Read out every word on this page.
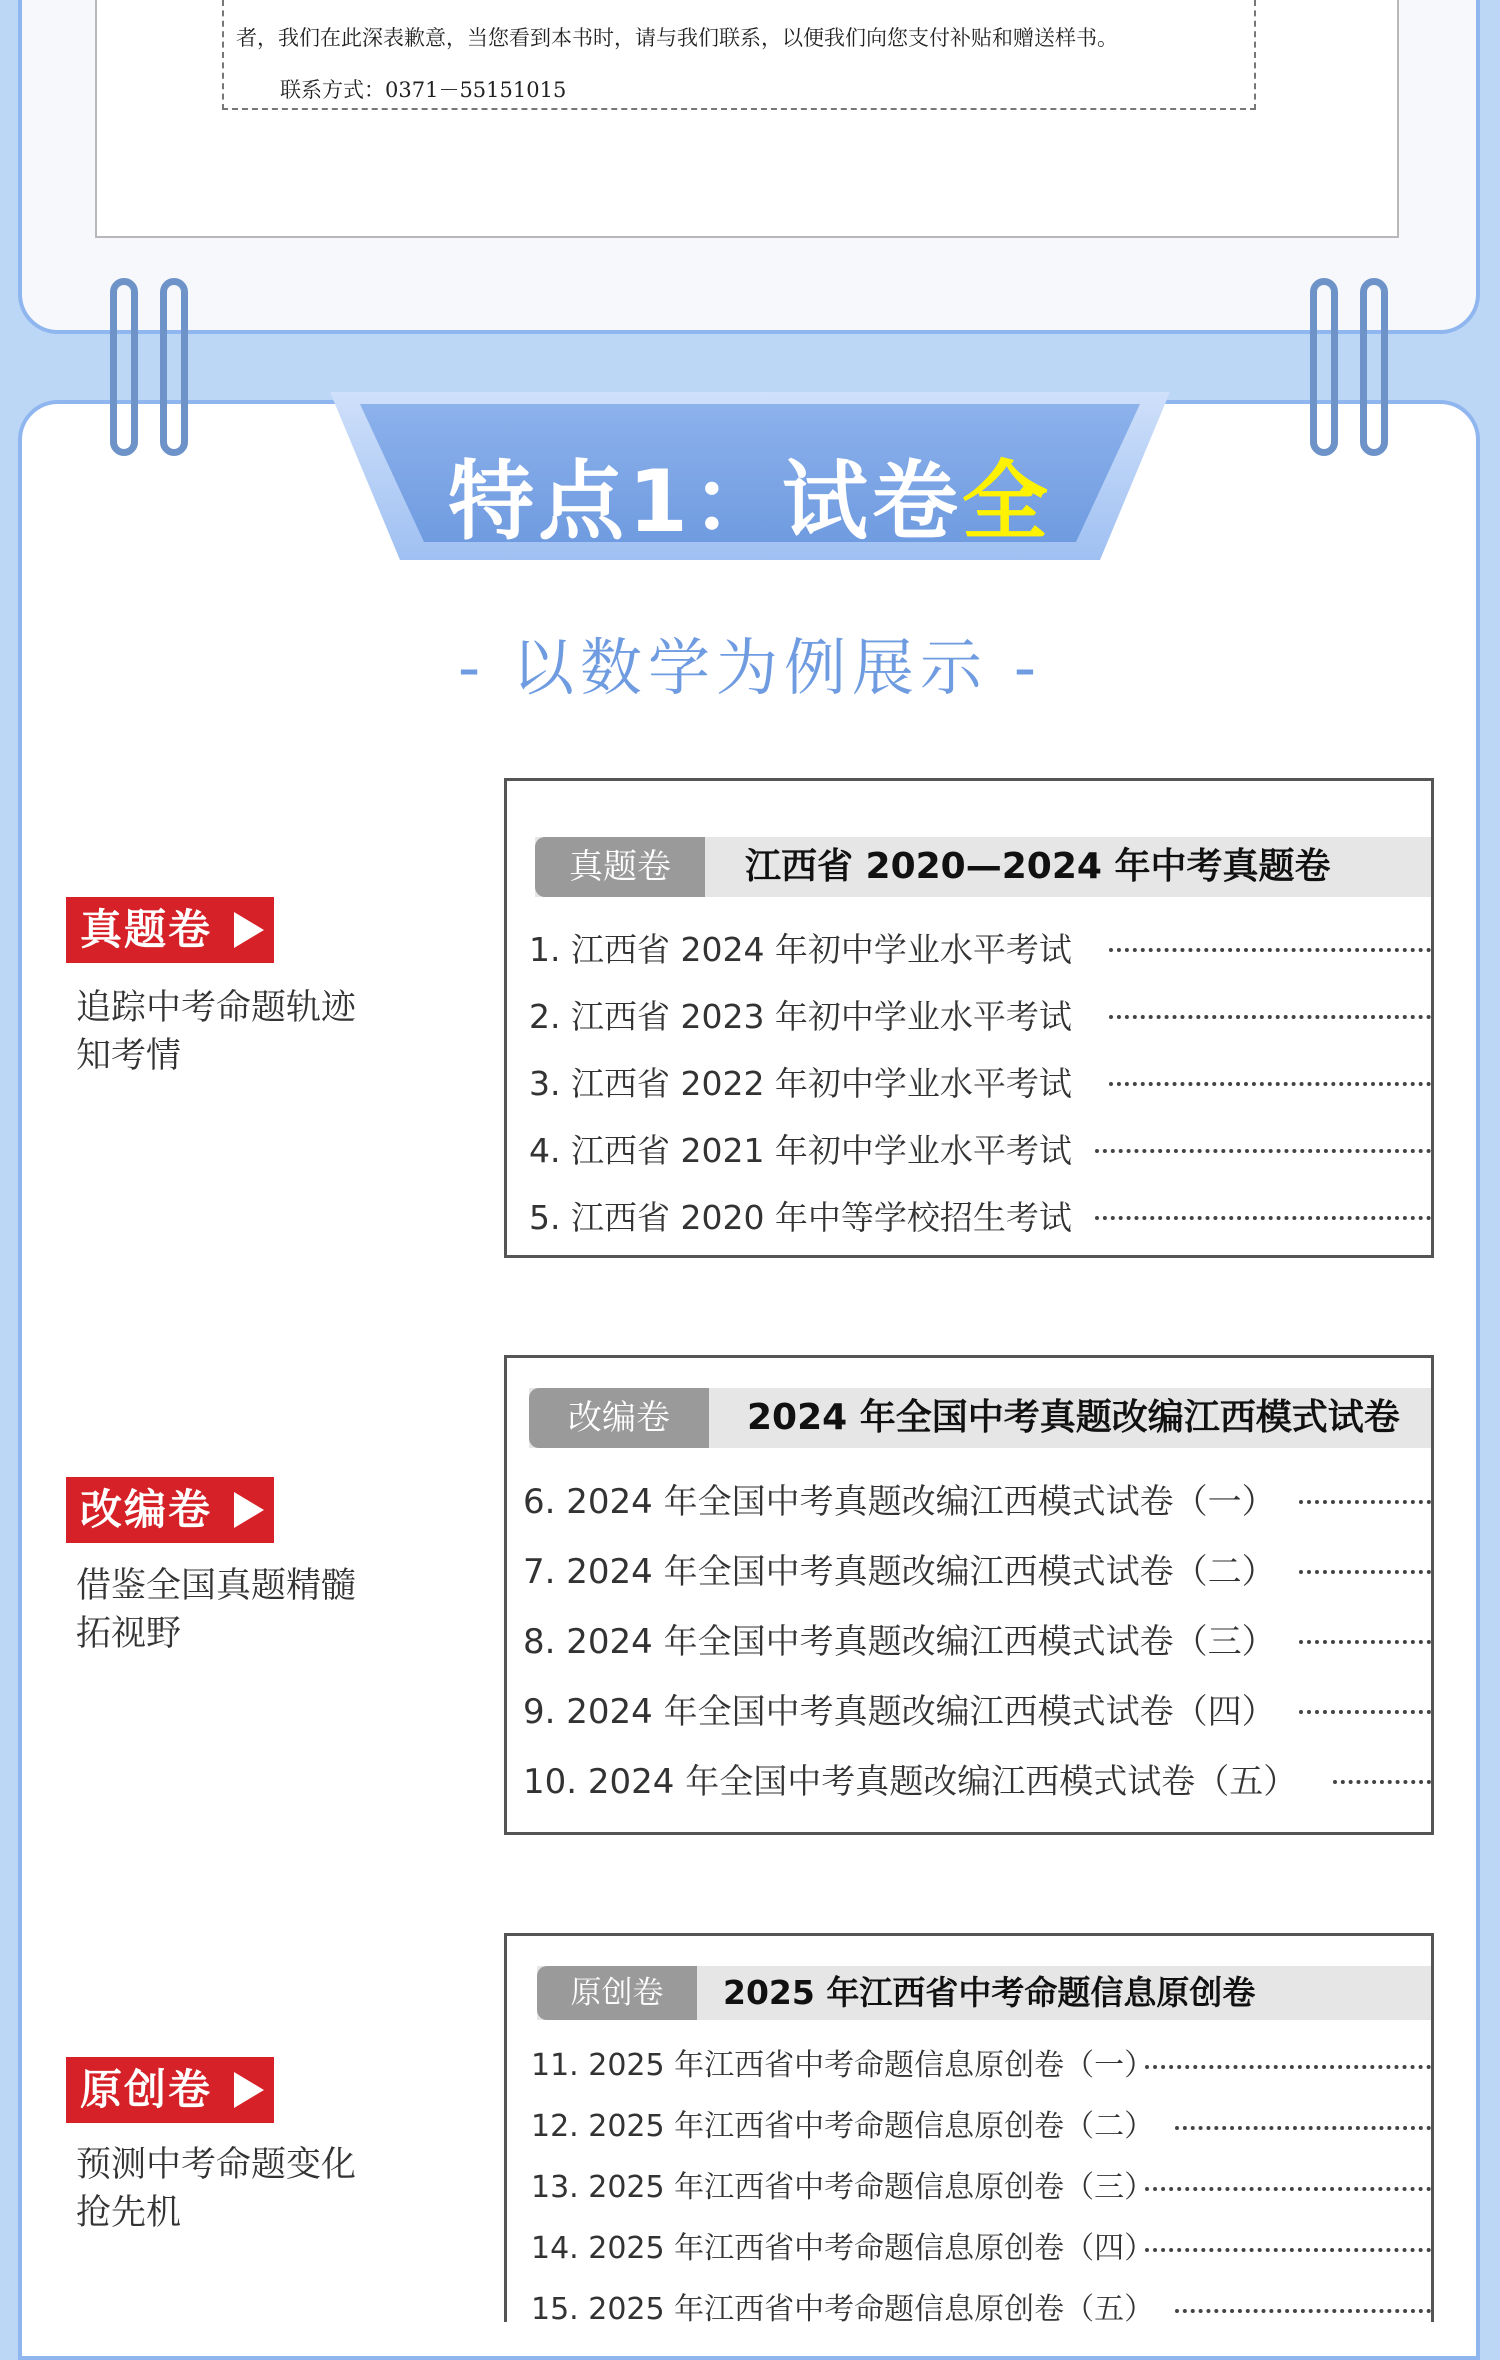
者，我们在此深表歉意，当您看到本书时，请与我们联系，以便我们向您支付补贴和赠送样书。
联系方式：0371－55151015
特点1：试卷全
- 以数学为例展示 -
真题卷
追踪中考命题轨迹
知考情
真题卷	江西省 2020—2024 年中考真题卷
1. 江西省 2024 年初中学业水平考试
2. 江西省 2023 年初中学业水平考试
3. 江西省 2022 年初中学业水平考试
4. 江西省 2021 年初中学业水平考试
5. 江西省 2020 年中等学校招生考试
改编卷
借鉴全国真题精髓
拓视野
改编卷	2024 年全国中考真题改编江西模式试卷
6. 2024 年全国中考真题改编江西模式试卷（一）
7. 2024 年全国中考真题改编江西模式试卷（二）
8. 2024 年全国中考真题改编江西模式试卷（三）
9. 2024 年全国中考真题改编江西模式试卷（四）
10. 2024 年全国中考真题改编江西模式试卷（五）
原创卷
预测中考命题变化
抢先机
原创卷	2025 年江西省中考命题信息原创卷
11. 2025 年江西省中考命题信息原创卷（一）
12. 2025 年江西省中考命题信息原创卷（二）
13. 2025 年江西省中考命题信息原创卷（三）
14. 2025 年江西省中考命题信息原创卷（四）
15. 2025 年江西省中考命题信息原创卷（五）
